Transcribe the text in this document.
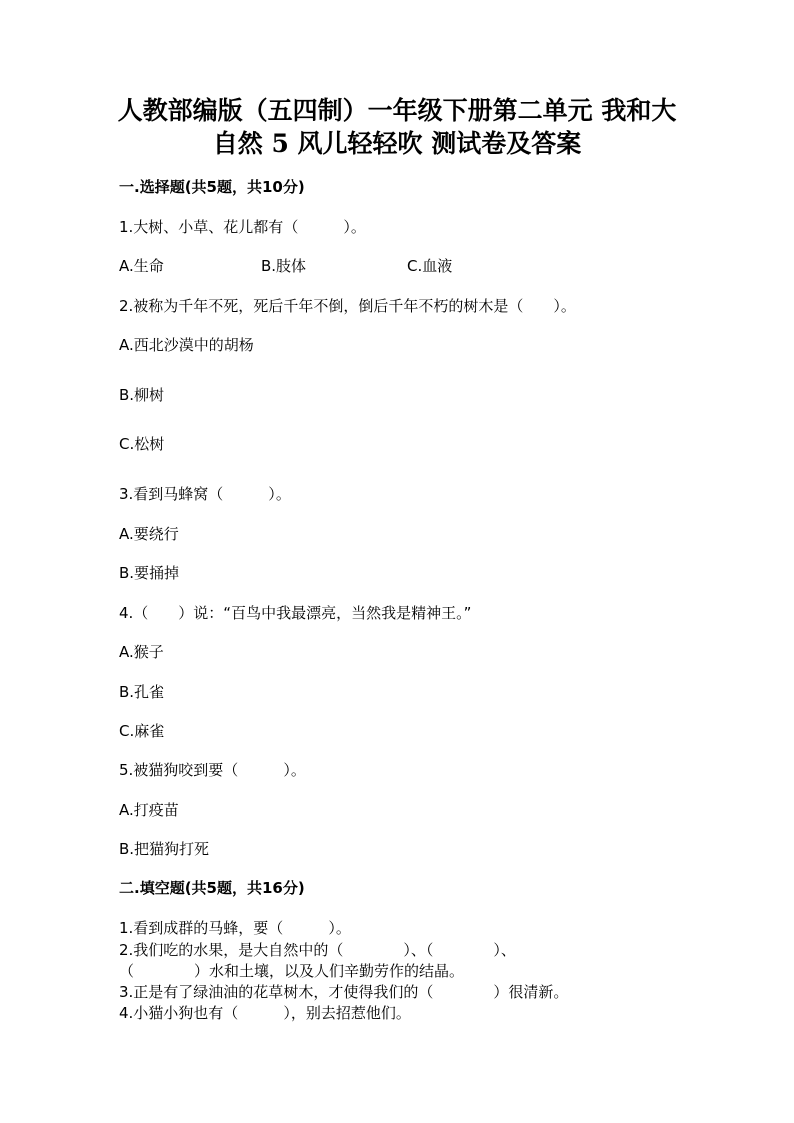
人教部编版（五四制）一年级下册第二单元 我和大
自然 5 风儿轻轻吹 测试卷及答案

一.选择题(共5题，共10分)

1.大树、小草、花儿都有（　　　）。

A.生命	B.肢体	C.血液

2.被称为千年不死，死后千年不倒，倒后千年不朽的树木是（　　）。

A.西北沙漠中的胡杨

B.柳树

C.松树

3.看到马蜂窝（　　　）。

A.要绕行

B.要捅掉

4.（　　）说：“百鸟中我最漂亮，当然我是精神王。”

A.猴子

B.孔雀

C.麻雀

5.被猫狗咬到要（　　　）。

A.打疫苗

B.把猫狗打死

二.填空题(共5题，共16分)

1.看到成群的马蜂，要（　　　）。

2.我们吃的水果，是大自然中的（　　　　）、（　　　　）、

（　　　　）水和土壤，以及人们辛勤劳作的结晶。

3.正是有了绿油油的花草树木，才使得我们的（　　　　）很清新。

4.小猫小狗也有（　　　），别去招惹他们。
